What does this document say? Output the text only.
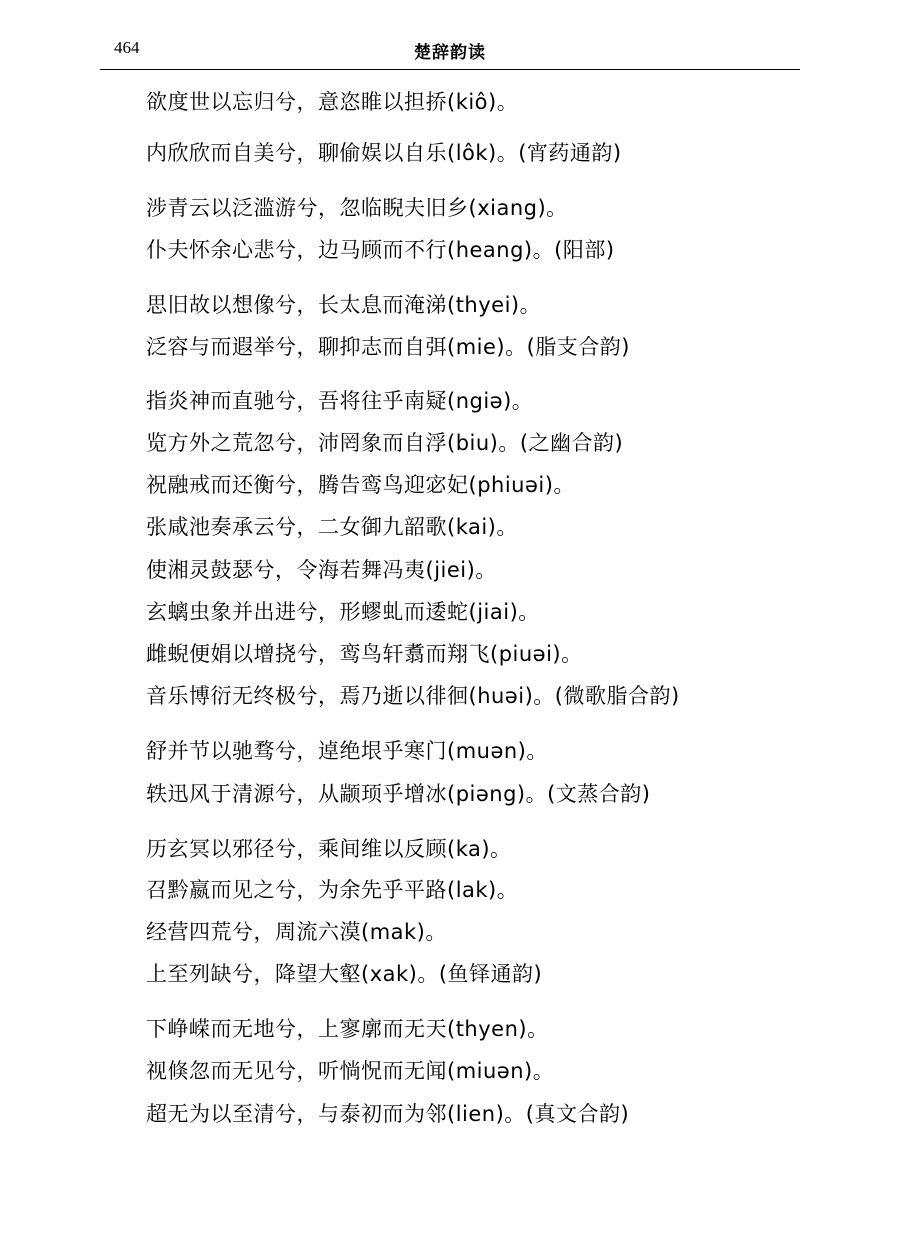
464	楚辞韵读
欲度世以忘归兮，意恣睢以担挢(kiô)。
内欣欣而自美兮，聊偷娱以自乐(lôk)。(宵药通韵)
涉青云以泛滥游兮，忽临睨夫旧乡(xiang)。
仆夫怀余心悲兮，边马顾而不行(heang)。(阳部)
思旧故以想像兮，长太息而淹涕(thyei)。
泛容与而遐举兮，聊抑志而自弭(mie)。(脂支合韵)
指炎神而直驰兮，吾将往乎南疑(ngiə)。
览方外之荒忽兮，沛罔象而自浮(biu)。(之幽合韵)
祝融戒而还衡兮，腾告鸾鸟迎宓妃(phiuəi)。
张咸池奏承云兮，二女御九韶歌(kai)。
使湘灵鼓瑟兮，令海若舞冯夷(jiei)。
玄螭虫象并出进兮，形蟉虬而逶蛇(jiai)。
雌蜺便娟以增挠兮，鸾鸟轩翥而翔飞(piuəi)。
音乐博衍无终极兮，焉乃逝以徘徊(huəi)。(微歌脂合韵)
舒并节以驰骛兮，逴绝垠乎寒门(muən)。
轶迅风于清源兮，从颛顼乎增冰(piəng)。(文蒸合韵)
历玄冥以邪径兮，乘间维以反顾(ka)。
召黔嬴而见之兮，为余先乎平路(lak)。
经营四荒兮，周流六漠(mak)。
上至列缺兮，降望大壑(xak)。(鱼铎通韵)
下峥嵘而无地兮，上寥廓而无天(thyen)。
视倏忽而无见兮，听惝怳而无闻(miuən)。
超无为以至清兮，与泰初而为邻(lien)。(真文合韵)
